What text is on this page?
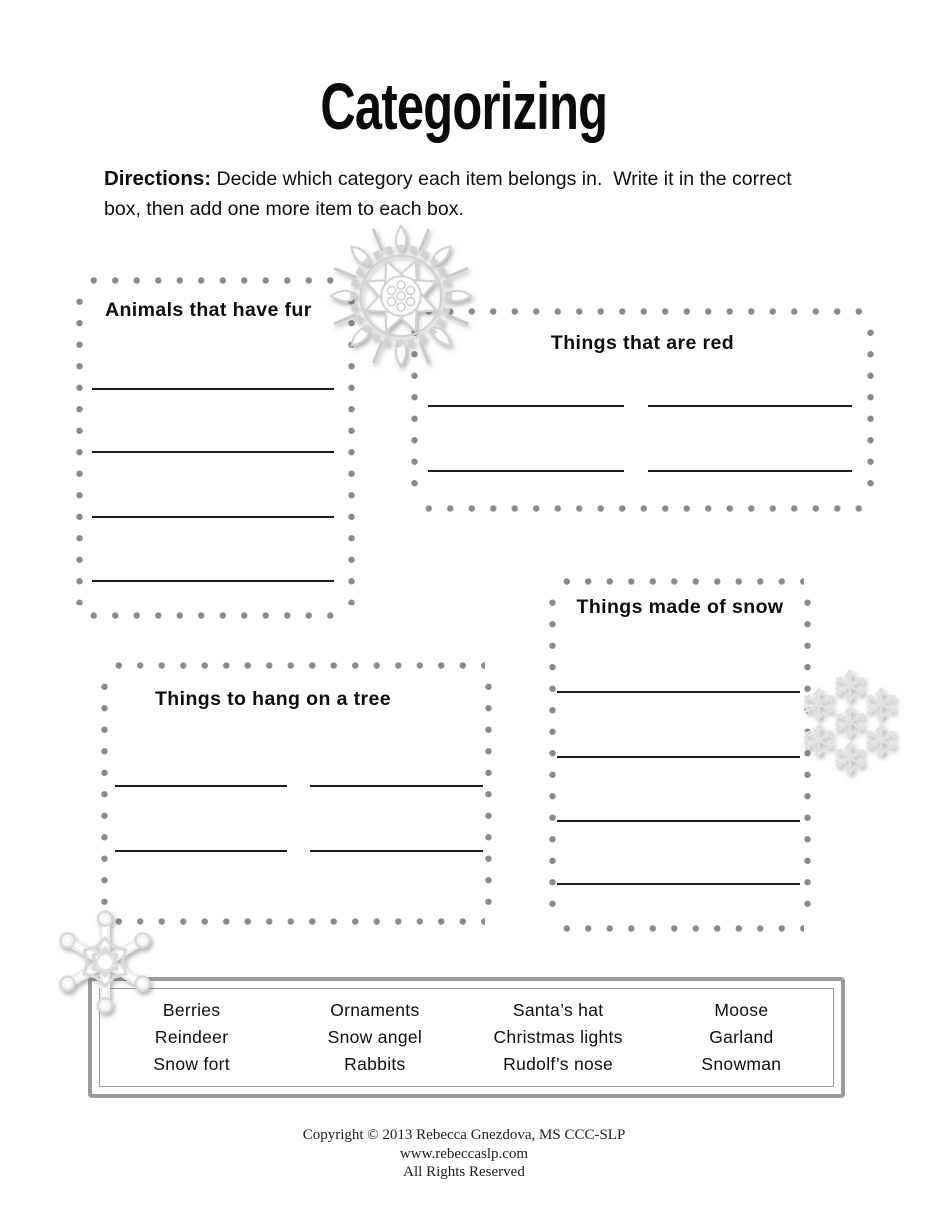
Categorizing
Directions: Decide which category each item belongs in.  Write it in the correct
box, then add one more item to each box.
Animals that have fur
Things that are red
Things made of snow
Things to hang on a tree
Berries
Reindeer
Snow fort
Ornaments
Snow angel
Rabbits
Santa’s hat
Christmas lights
Rudolf’s nose
Moose
Garland
Snowman
Copyright © 2013 Rebecca Gnezdova, MS CCC-SLP
www.rebeccaslp.com
All Rights Reserved
